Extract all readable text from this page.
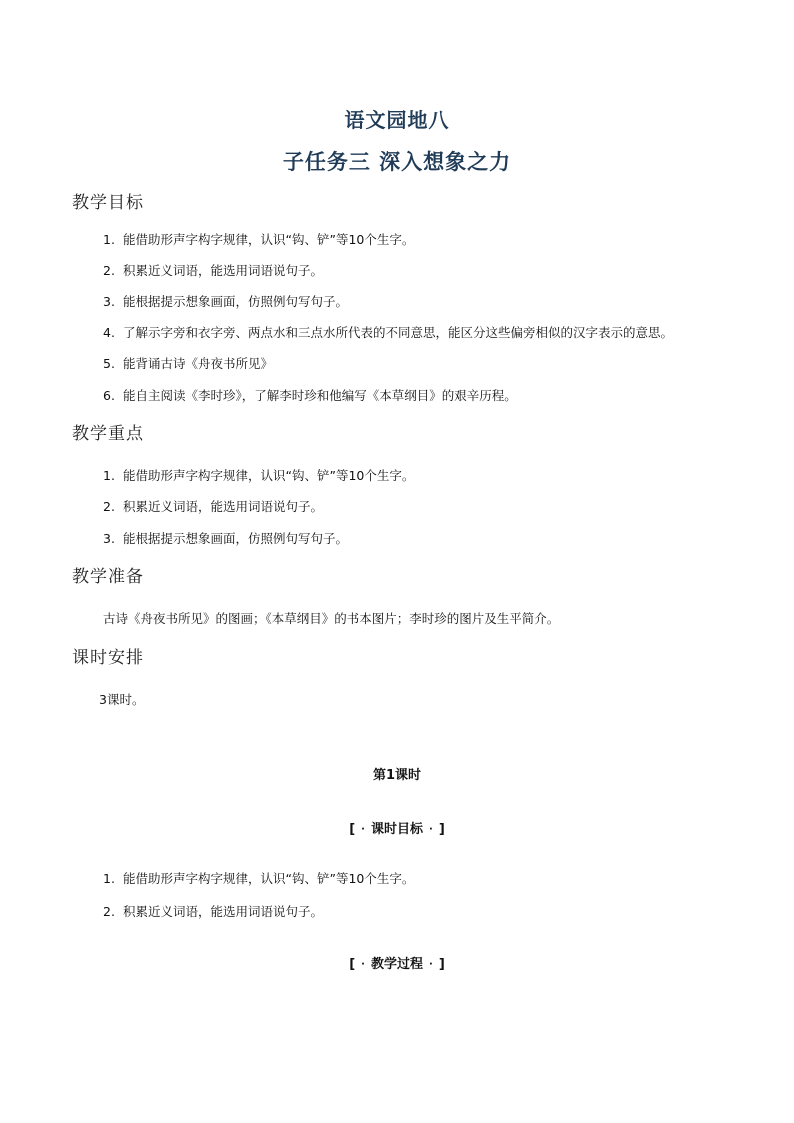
语文园地八
子任务三 深入想象之力
教学目标
1. 能借助形声字构字规律，认识“钩、铲”等10个生字。
2. 积累近义词语，能选用词语说句子。
3. 能根据提示想象画面，仿照例句写句子。
4. 了解示字旁和衣字旁、两点水和三点水所代表的不同意思，能区分这些偏旁相似的汉字表示的意思。
5. 能背诵古诗《舟夜书所见》
6. 能自主阅读《李时珍》，了解李时珍和他编写《本草纲目》的艰辛历程。
教学重点
1. 能借助形声字构字规律，认识“钩、铲”等10个生字。
2. 积累近义词语，能选用词语说句子。
3. 能根据提示想象画面，仿照例句写句子。
教学准备
古诗《舟夜书所见》的图画；《本草纲目》的书本图片；李时珍的图片及生平简介。
课时安排
3课时。
第1课时
[ · 课时目标 · ]
1. 能借助形声字构字规律，认识“钩、铲”等10个生字。
2. 积累近义词语，能选用词语说句子。
[ · 教学过程 · ]
